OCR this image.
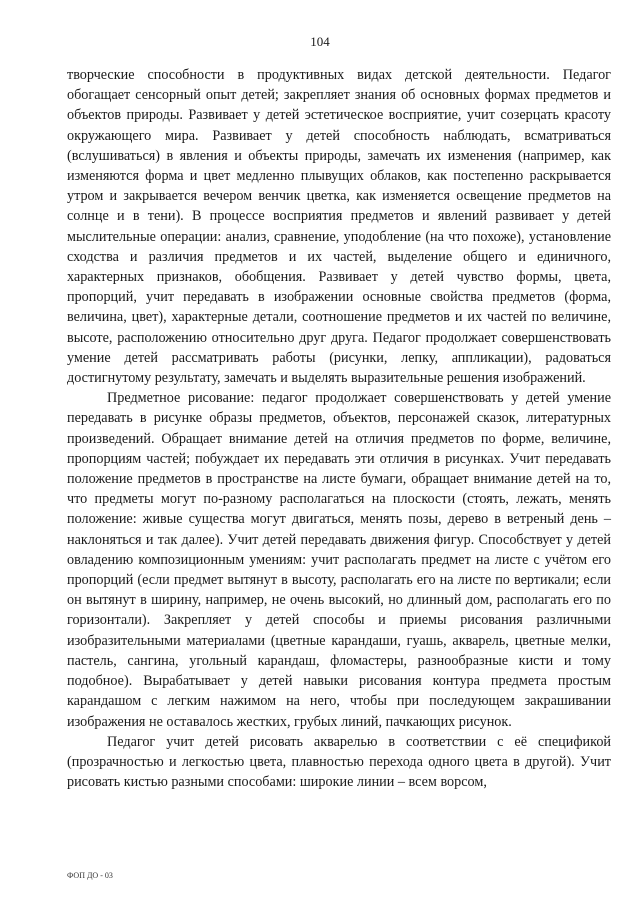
104

творческие способности в продуктивных видах детской деятельности. Педагог обогащает сенсорный опыт детей; закрепляет знания об основных формах предметов и объектов природы. Развивает у детей эстетическое восприятие, учит созерцать красоту окружающего мира. Развивает у детей способность наблюдать, всматриваться (вслушиваться) в явления и объекты природы, замечать их изменения (например, как изменяются форма и цвет медленно плывущих облаков, как постепенно раскрывается утром и закрывается вечером венчик цветка, как изменяется освещение предметов на солнце и в тени). В процессе восприятия предметов и явлений развивает у детей мыслительные операции: анализ, сравнение, уподобление (на что похоже), установление сходства и различия предметов и их частей, выделение общего и единичного, характерных признаков, обобщения. Развивает у детей чувство формы, цвета, пропорций, учит передавать в изображении основные свойства предметов (форма, величина, цвет), характерные детали, соотношение предметов и их частей по величине, высоте, расположению относительно друг друга. Педагог продолжает совершенствовать умение детей рассматривать работы (рисунки, лепку, аппликации), радоваться достигнутому результату, замечать и выделять выразительные решения изображений.

Предметное рисование: педагог продолжает совершенствовать у детей умение передавать в рисунке образы предметов, объектов, персонажей сказок, литературных произведений. Обращает внимание детей на отличия предметов по форме, величине, пропорциям частей; побуждает их передавать эти отличия в рисунках. Учит передавать положение предметов в пространстве на листе бумаги, обращает внимание детей на то, что предметы могут по-разному располагаться на плоскости (стоять, лежать, менять положение: живые существа могут двигаться, менять позы, дерево в ветреный день – наклоняться и так далее). Учит детей передавать движения фигур. Способствует у детей овладению композиционным умениям: учит располагать предмет на листе с учётом его пропорций (если предмет вытянут в высоту, располагать его на листе по вертикали; если он вытянут в ширину, например, не очень высокий, но длинный дом, располагать его по горизонтали). Закрепляет у детей способы и приемы рисования различными изобразительными материалами (цветные карандаши, гуашь, акварель, цветные мелки, пастель, сангина, угольный карандаш, фломастеры, разнообразные кисти и тому подобное). Вырабатывает у детей навыки рисования контура предмета простым карандашом с легким нажимом на него, чтобы при последующем закрашивании изображения не оставалось жестких, грубых линий, пачкающих рисунок.

Педагог учит детей рисовать акварелью в соответствии с её спецификой (прозрачностью и легкостью цвета, плавностью перехода одного цвета в другой). Учит рисовать кистью разными способами: широкие линии – всем ворсом,

ФОП ДО - 03
